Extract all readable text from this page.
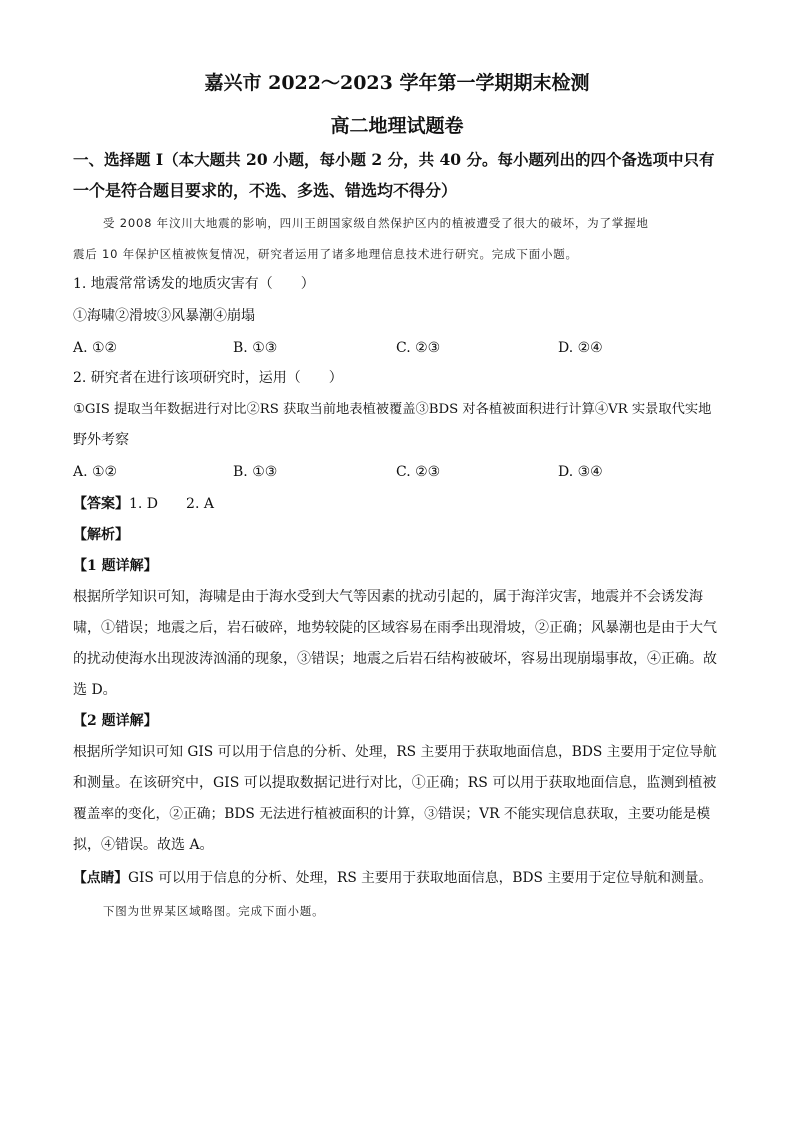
嘉兴市 2022～2023 学年第一学期期末检测
高二地理试题卷
一、选择题 I（本大题共 20 小题，每小题 2 分，共 40 分。每小题列出的四个备选项中只有
一个是符合题目要求的，不选、多选、错选均不得分）
受 2008 年汶川大地震的影响，四川王朗国家级自然保护区内的植被遭受了很大的破坏，为了掌握地
震后 10 年保护区植被恢复情况，研究者运用了诸多地理信息技术进行研究。完成下面小题。
1. 地震常常诱发的地质灾害有（　　）
①海啸②滑坡③风暴潮④崩塌
A. ①②	B. ①③	C. ②③	D. ②④
2. 研究者在进行该项研究时，运用（　　）
①GIS 提取当年数据进行对比②RS 获取当前地表植被覆盖③BDS 对各植被面积进行计算④VR 实景取代实地
野外考察
A. ①②	B. ①③	C. ②③	D. ③④
【答案】1. D　　2. A
【解析】
【1 题详解】
根据所学知识可知，海啸是由于海水受到大气等因素的扰动引起的，属于海洋灾害，地震并不会诱发海
啸，①错误；地震之后，岩石破碎，地势较陡的区域容易在雨季出现滑坡，②正确；风暴潮也是由于大气
的扰动使海水出现波涛汹涌的现象，③错误；地震之后岩石结构被破坏，容易出现崩塌事故，④正确。故
选 D。
【2 题详解】
根据所学知识可知 GIS 可以用于信息的分析、处理，RS 主要用于获取地面信息，BDS 主要用于定位导航
和测量。在该研究中，GIS 可以提取数据记进行对比，①正确；RS 可以用于获取地面信息，监测到植被
覆盖率的变化，②正确；BDS 无法进行植被面积的计算，③错误；VR 不能实现信息获取，主要功能是模
拟，④错误。故选 A。
【点睛】GIS 可以用于信息的分析、处理，RS 主要用于获取地面信息，BDS 主要用于定位导航和测量。
下图为世界某区域略图。完成下面小题。
